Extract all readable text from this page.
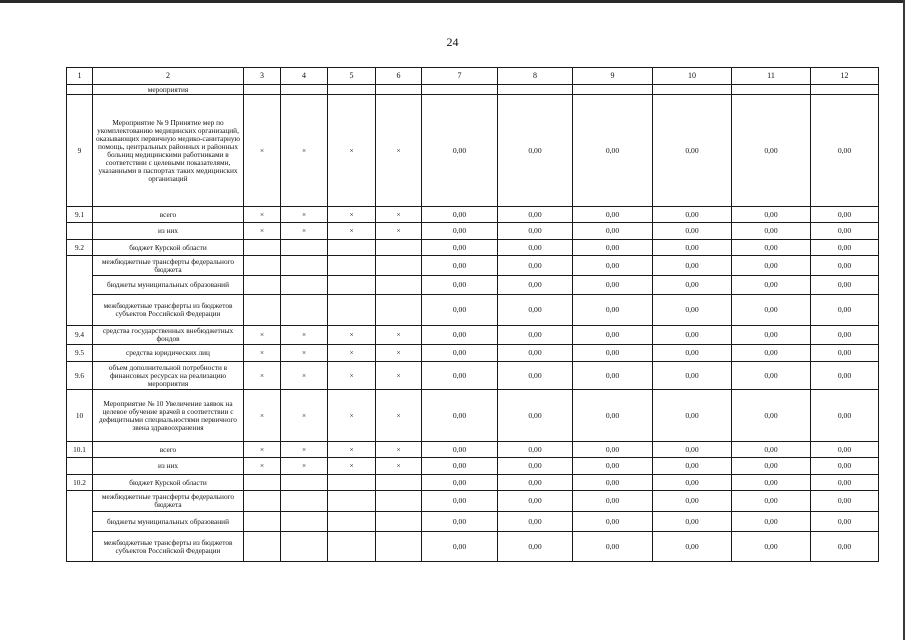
24
1	2	3	4	5	6	7	8	9	10	11	12
	мероприятия										
9	Мероприятие № 9 Принятие мер по укомплектованию медицинских организаций, оказывающих первичную медико-санитарную помощь, центральных районных и районных больниц медицинскими работниками в соответствии с целевыми показателями, указанными в паспортах таких медицинских организаций	×	×	×	×	0,00	0,00	0,00	0,00	0,00	0,00
9.1	всего	×	×	×	×	0,00	0,00	0,00	0,00	0,00	0,00
	из них	×	×	×	×	0,00	0,00	0,00	0,00	0,00	0,00
9.2	бюджет Курской области					0,00	0,00	0,00	0,00	0,00	0,00
	межбюджетные трансферты федерального бюджета					0,00	0,00	0,00	0,00	0,00	0,00
	бюджеты муниципальных образований					0,00	0,00	0,00	0,00	0,00	0,00
	межбюджетные трансферты из бюджетов субъектов Российской Федерации					0,00	0,00	0,00	0,00	0,00	0,00
9.4	средства государственных внебюджетных фондов	×	×	×	×	0,00	0,00	0,00	0,00	0,00	0,00
9.5	средства юридических лиц	×	×	×	×	0,00	0,00	0,00	0,00	0,00	0,00
9.6	объем дополнительной потребности в финансовых ресурсах на реализацию мероприятия	×	×	×	×	0,00	0,00	0,00	0,00	0,00	0,00
10	Мероприятие № 10 Увеличение заявок на целевое обучение врачей в соответствии с дефицитными специальностями первичного звена здравоохранения	×	×	×	×	0,00	0,00	0,00	0,00	0,00	0,00
10.1	всего	×	×	×	×	0,00	0,00	0,00	0,00	0,00	0,00
	из них	×	×	×	×	0,00	0,00	0,00	0,00	0,00	0,00
10.2	бюджет Курской области					0,00	0,00	0,00	0,00	0,00	0,00
	межбюджетные трансферты федерального бюджета					0,00	0,00	0,00	0,00	0,00	0,00
	бюджеты муниципальных образований					0,00	0,00	0,00	0,00	0,00	0,00
	межбюджетные трансферты из бюджетов субъектов Российской Федерации					0,00	0,00	0,00	0,00	0,00	0,00
